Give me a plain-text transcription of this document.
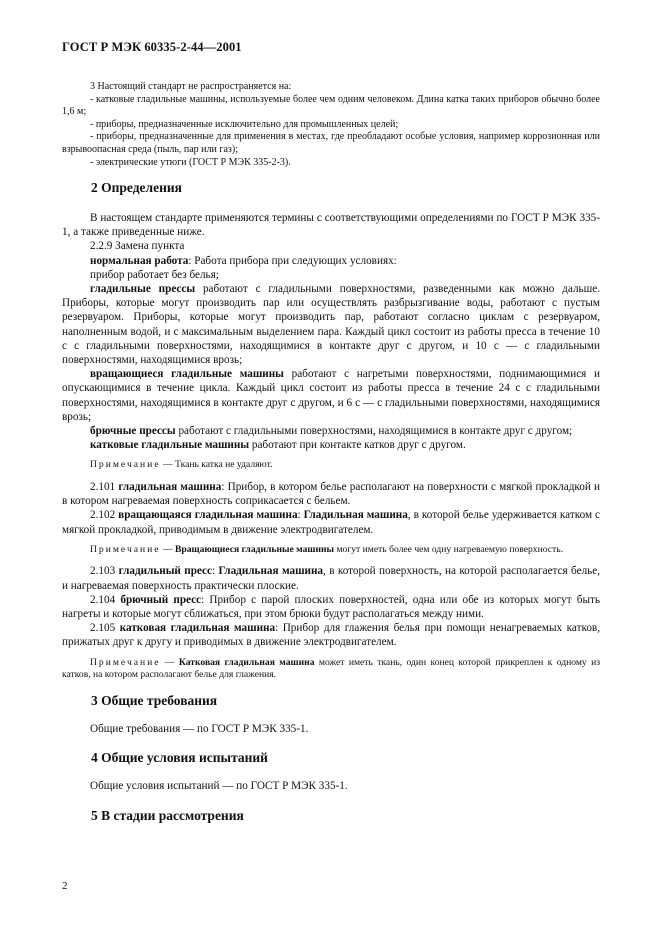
ГОСТ Р МЭК 60335-2-44—2001

3 Настоящий стандарт не распространяется на:

- катковые гладильные машины, используемые более чем одним человеком. Длина катка таких приборов обычно более 1,6 м;

- приборы, предназначенные исключительно для промышленных целей;

- приборы, предназначенные для применения в местах, где преобладают особые условия, например коррозионная или взрывоопасная среда (пыль, пар или газ);

- электрические утюги (ГОСТ Р МЭК 335-2-3).

2 Определения

В настоящем стандарте применяются термины с соответствующими определениями по ГОСТ Р МЭК 335-1, а также приведенные ниже.

2.2.9 Замена пункта

нормальная работа: Работа прибора при следующих условиях:

прибор работает без белья;

гладильные прессы работают с гладильными поверхностями, разведенными как можно дальше. Приборы, которые могут производить пар или осуществлять разбрызгивание воды, работают с пустым резервуаром. Приборы, которые могут производить пар, работают согласно циклам с резервуаром, наполненным водой, и с максимальным выделением пара. Каждый цикл состоит из работы пресса в течение 10 с с гладильными поверхностями, находящимися в контакте друг с другом, и 10 с — с гладильными поверхностями, находящимися врозь;

вращающиеся гладильные машины работают с нагретыми поверхностями, поднимающимися и опускающимися в течение цикла. Каждый цикл состоит из работы пресса в течение 24 с с гладильными поверхностями, находящимися в контакте друг с другом, и 6 с — с гладильными поверхностями, находящимися врозь;

брючные прессы работают с гладильными поверхностями, находящимися в контакте друг с другом;

катковые гладильные машины работают при контакте катков друг с другом.

Примечание — Ткань катка не удаляют.

2.101 гладильная машина: Прибор, в котором белье располагают на поверхности с мягкой прокладкой и в котором нагреваемая поверхность соприкасается с бельем.

2.102 вращающаяся гладильная машина: Гладильная машина, в которой белье удерживается катком с мягкой прокладкой, приводимым в движение электродвигателем.

Примечание — Вращающиеся гладильные машины могут иметь более чем одну нагреваемую поверхность.

2.103 гладильный пресс: Гладильная машина, в которой поверхность, на которой располагается белье, и нагреваемая поверхность практически плоские.

2.104 брючный пресс: Прибор с парой плоских поверхностей, одна или обе из которых могут быть нагреты и которые могут сближаться, при этом брюки будут располагаться между ними.

2.105 катковая гладильная машина: Прибор для глажения белья при помощи ненагреваемых катков, прижатых друг к другу и приводимых в движение электродвигателем.

Примечание — Катковая гладильная машина может иметь ткань, один конец которой прикреплен к одному из катков, на котором располагают белье для глажения.

3 Общие требования

Общие требования — по ГОСТ Р МЭК 335-1.

4 Общие условия испытаний

Общие условия испытаний — по ГОСТ Р МЭК 335-1.

5 В стадии рассмотрения
2
